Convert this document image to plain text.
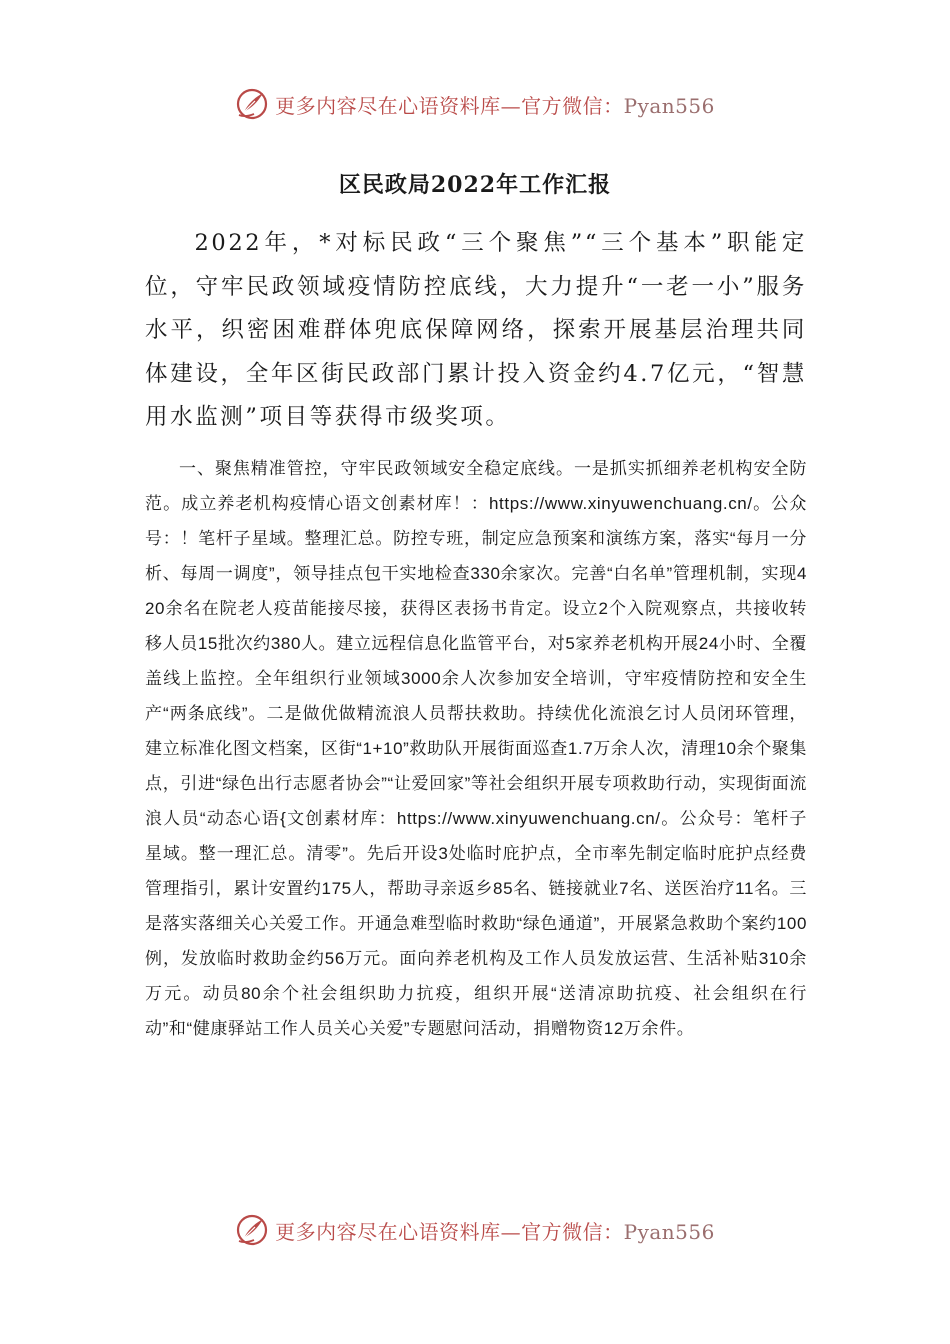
更多内容尽在心语资料库—官方微信：Pyan556
区民政局2022年工作汇报

2022年，*对标民政“三个聚焦”“三个基本”职能定位，守牢民政领域疫情防控底线，大力提升“一老一小”服务水平，织密困难群体兜底保障网络，探索开展基层治理共同体建设，全年区街民政部门累计投入资金约4.7亿元，“智慧用水监测”项目等获得市级奖项。

一、聚焦精准管控，守牢民政领域安全稳定底线。一是抓实抓细养老机构安全防范。成立养老机构疫情心语文创素材库！：https://www.xinyuwenchuang.cn/。公众号：！笔杆子星域。整理汇总。防控专班，制定应急预案和演练方案，落实“每月一分析、每周一调度”，领导挂点包干实地检查330余家次。完善“白名单”管理机制，实现420余名在院老人疫苗能接尽接，获得区表扬书肯定。设立2个入院观察点，共接收转移人员15批次约380人。建立远程信息化监管平台，对5家养老机构开展24小时、全覆盖线上监控。全年组织行业领域3000余人次参加安全培训，守牢疫情防控和安全生产“两条底线”。二是做优做精流浪人员帮扶救助。持续优化流浪乞讨人员闭环管理，建立标准化图文档案，区街“1+10”救助队开展街面巡查1.7万余人次，清理10余个聚集点，引进“绿色出行志愿者协会”“让爱回家”等社会组织开展专项救助行动，实现街面流浪人员“动态心语{文创素材库：https://www.xinyuwenchuang.cn/。公众号：笔杆子星域。整一理汇总。清零”。先后开设3处临时庇护点，全市率先制定临时庇护点经费管理指引，累计安置约175人，帮助寻亲返乡85名、链接就业7名、送医治疗11名。三是落实落细关心关爱工作。开通急难型临时救助“绿色通道”，开展紧急救助个案约100例，发放临时救助金约56万元。面向养老机构及工作人员发放运营、生活补贴310余万元。动员80余个社会组织助力抗疫，组织开展“送清凉助抗疫、社会组织在行动”和“健康驿站工作人员关心关爱”专题慰问活动，捐赠物资12万余件。

更多内容尽在心语资料库—官方微信：Pyan556
